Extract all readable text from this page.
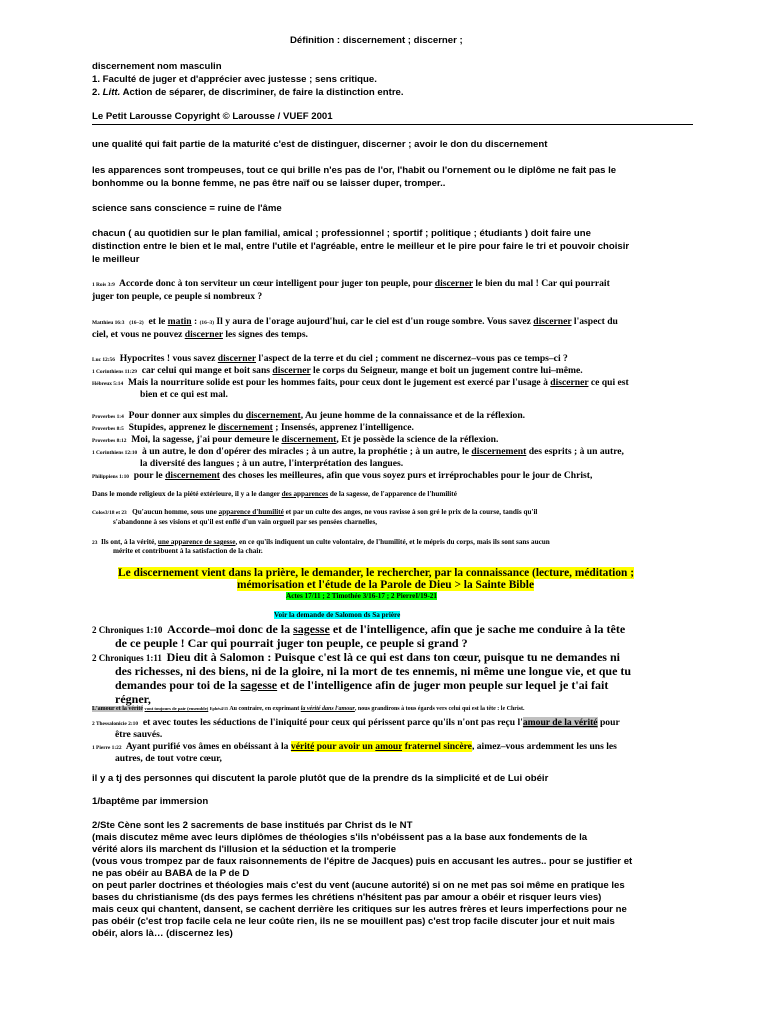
Définition : discernement ; discerner ;
discernement nom masculin
1. Faculté de juger et d'apprécier avec justesse ; sens critique.
2. Litt. Action de séparer, de discriminer, de faire la distinction entre.
Le Petit Larousse Copyright © Larousse / VUEF 2001
une qualité qui fait partie de la maturité c'est de distinguer, discerner ; avoir le don du discernement
les apparences sont trompeuses, tout ce qui brille n'es pas de l'or, l'habit ou l'ornement ou le diplôme ne fait pas le
bonhomme ou la bonne femme, ne pas être naïf ou se laisser duper, tromper..
science sans conscience = ruine de l'âme
chacun ( au quotidien sur le plan familial, amical ; professionnel ; sportif ; politique ; étudiants ) doit faire une
distinction entre le bien et le mal, entre l'utile et l'agréable, entre le meilleur et le pire pour faire le tri et pouvoir choisir
le meilleur
1 Rois 3:9 Accorde donc à ton serviteur un cœur intelligent pour juger ton peuple, pour discerner le bien du mal ! Car qui pourrait
juger ton peuple, ce peuple si nombreux ?
Matthieu 16:3 (16–2) et le matin : (16–3) Il y aura de l'orage aujourd'hui, car le ciel est d'un rouge sombre. Vous savez discerner l'aspect du
ciel, et vous ne pouvez discerner les signes des temps.
Luc 12:56 Hypocrites ! vous savez discerner l'aspect de la terre et du ciel ; comment ne discernez–vous pas ce temps–ci ?
1 Corinthiens 11:29 car celui qui mange et boit sans discerner le corps du Seigneur, mange et boit un jugement contre lui–même.
Hébreux 5:14 Mais la nourriture solide est pour les hommes faits, pour ceux dont le jugement est exercé par l'usage à discerner ce qui est
bien et ce qui est mal.
Proverbes 1:4 Pour donner aux simples du discernement, Au jeune homme de la connaissance et de la réflexion.
Proverbes 8:5 Stupides, apprenez le discernement ; Insensés, apprenez l'intelligence.
Proverbes 8:12 Moi, la sagesse, j'ai pour demeure le discernement, Et je possède la science de la réflexion.
1 Corinthiens 12:10 à un autre, le don d'opérer des miracles ; à un autre, la prophétie ; à un autre, le discernement des esprits ; à un autre,
la diversité des langues ; à un autre, l'interprétation des langues.
Philippiens 1:10 pour le discernement des choses les meilleures, afin que vous soyez purs et irréprochables pour le jour de Christ,
Dans le monde religieux de la piété extérieure, il y a le danger des apparences de la sagesse, de l'apparence de l'humilité
Colos3/18 et 23 Qu'aucun homme, sous une apparence d'humilité et par un culte des anges, ne vous ravisse à son gré le prix de la course, tandis qu'il
s'abandonne à ses visions et qu'il est enflé d'un vain orgueil par ses pensées charnelles,
23 Ils ont, à la vérité, une apparence de sagesse, en ce qu'ils indiquent un culte volontaire, de l'humilité, et le mépris du corps, mais ils sont sans aucun
mérite et contribuent à la satisfaction de la chair.
Le discernement vient dans la prière, le demander, le rechercher, par la connaissance (lecture, méditation ;
mémorisation et l'étude de la Parole de Dieu > la Sainte Bible
Actes 17/11 ; 2 Timothée 3/16-17 ; 2 PierreI/19-21
Voir la demande de Salomon ds Sa prière
2 Chroniques 1:10 Accorde–moi donc de la sagesse et de l'intelligence, afin que je sache me conduire à la tête
de ce peuple ! Car qui pourrait juger ton peuple, ce peuple si grand ?
2 Chroniques 1:11 Dieu dit à Salomon : Puisque c'est là ce qui est dans ton cœur, puisque tu ne demandes ni
des richesses, ni des biens, ni de la gloire, ni la mort de tes ennemis, ni même une longue vie, et que tu
demandes pour toi de la sagesse et de l'intelligence afin de juger mon peuple sur lequel je t'ai fait
régner,
L'amour et la vérité vont toujours de pair (ensemble) Ephés4/15 Au contraire, en exprimant la vérité dans l'amour, nous grandirons à tous égards vers celui qui est la tête : le Christ.
2 Thessalonicie 2:10 et avec toutes les séductions de l'iniquité pour ceux qui périssent parce qu'ils n'ont pas reçu l'amour de la vérité pour
être sauvés.
1 Pierre 1:22 Ayant purifié vos âmes en obéissant à la vérité pour avoir un amour fraternel sincère, aimez–vous ardemment les uns les
autres, de tout votre cœur,
il y a tj des personnes qui discutent la parole plutôt que de la prendre ds la simplicité et de Lui obéir
1/baptême par immersion
2/Ste Cène sont les 2 sacrements de base institués par Christ ds le NT
(mais discutez même avec leurs diplômes de théologies s'ils n'obéissent pas a la base aux fondements de la
vérité alors ils marchent ds l'illusion et la séduction et la tromperie
(vous vous trompez par de faux raisonnements de l'épitre de Jacques) puis en accusant les autres.. pour se justifier et
ne pas obéir au BABA de la P de D
on peut parler doctrines et théologies mais c'est du vent (aucune autorité) si on ne met pas soi même en pratique les
bases du christianisme (ds des pays fermes les chrétiens n'hésitent pas par amour a obéir et risquer leurs vies)
mais ceux qui chantent, dansent, se cachent derrière les critiques sur les autres frères et leurs imperfections pour ne
pas obéir (c'est trop facile cela ne leur coûte rien, ils ne se mouillent pas) c'est trop facile discuter jour et nuit mais
obéir, alors là… (discernez les)
